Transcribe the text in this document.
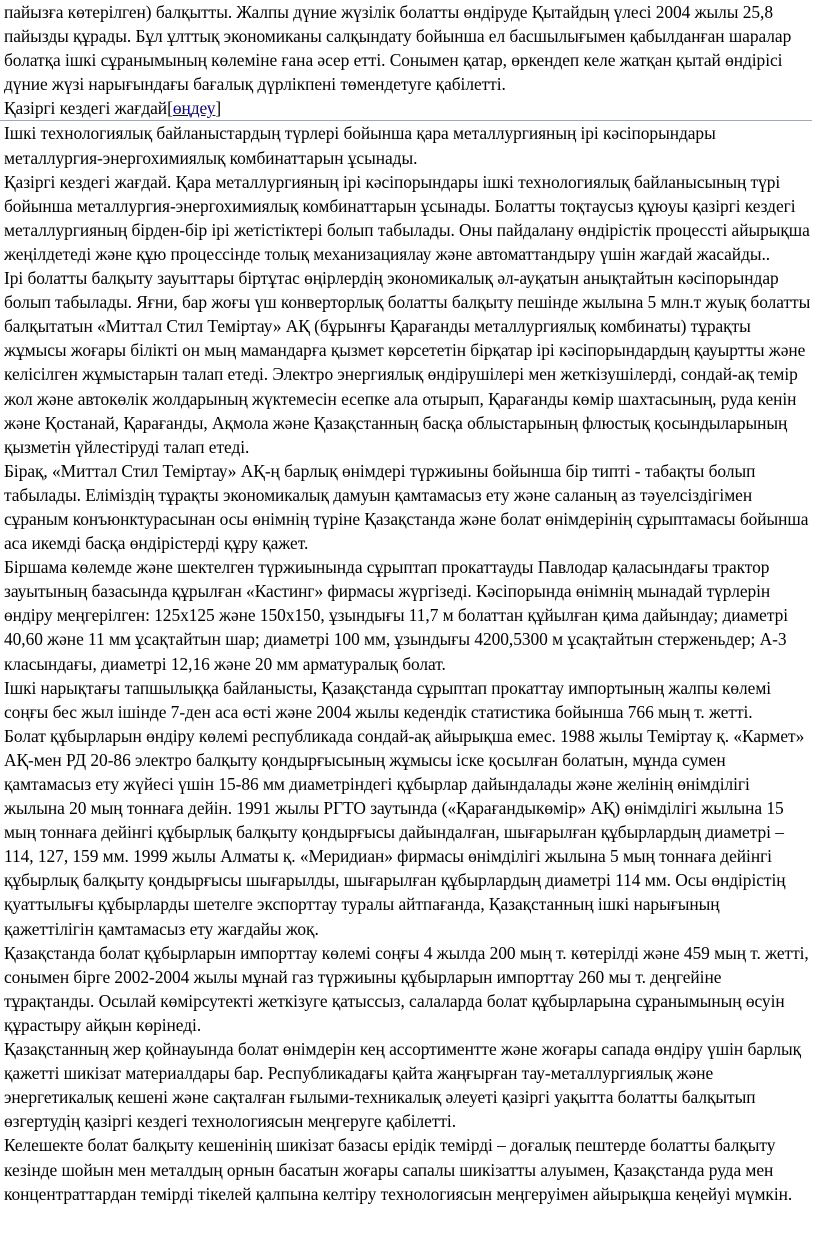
пайызға көтерілген) балқытты. Жалпы дүние жүзілік болатты өндіруде Қытайдың үлесі 2004 жылы 25,8 пайызды құрады. Бұл ұлттық экономиканы салқындату бойынша ел басшылығымен қабылданған шаралар болатқа ішкі сұранымының көлеміне ғана әсер етті. Сонымен қатар, өркендеп келе жатқан қытай өндірісі дүние жүзі нарығындағы бағалық дүрлікпені төмендетуге қабілетті.

Қазіргі кездегі жағдай[өңдеу]

Ішкі технологиялық байланыстардың түрлері бойынша қара металлургияның ірі кәсіпорындары металлургия-энергохимиялық комбинаттарын ұсынады.

Қазіргі кездегі жағдай. Қара металлургияның ірі кәсіпорындары ішкі технологиялық байланысының түрі бойынша металлургия-энергохимиялық комбинаттарын ұсынады. Болатты тоқтаусыз құюуы қазіргі кездегі металлургияның бірден-бір ірі жетістіктері болып табылады. Оны пайдалану өндірістік процессті айырықша жеңілдетеді және құю процессінде толық механизациялау және автоматтандыру үшін жағдай жасайды..

Ірі болатты балқыту зауыттары біртұтас өңірлердің экономикалық әл-ауқатын анықтайтын кәсіпорындар болып табылады. Яғни, бар жоғы үш конверторлық болатты балқыту пешінде жылына 5 млн.т жуық болатты балқытатын «Миттал Стил Теміртау» АҚ (бұрынғы Қарағанды металлургиялық комбинаты) тұрақты жұмысы жоғары білікті он мың мамандарға қызмет көрсететін бірқатар ірі кәсіпорындардың қауыртты және келісілген жұмыстарын талап етеді. Электро энергиялық өндірушілері мен жеткізушілерді, сондай-ақ темір жол және автокөлік жолдарының жүктемесін есепке ала отырып, Қарағанды көмір шахтасының, руда кенін және Қостанай, Қарағанды, Ақмола және Қазақстанның басқа облыстарының флюстық қосындыларының қызметін үйлестіруді талап етеді.

Бірақ, «Миттал Стил Теміртау» АҚ-ң барлық өнімдері түржиыны бойынша бір типті - табақты болып табылады. Еліміздің тұрақты экономикалық дамуын қамтамасыз ету және саланың аз тәуелсіздігімен сұраным конъюнктурасынан осы өнімнің түріне Қазақстанда және болат өнімдерінің сұрыптамасы бойынша аса икемді басқа өндірістерді құру қажет.

Біршама көлемде және шектелген түржиынында сұрыптап прокаттауды Павлодар қаласындағы трактор зауытының базасында құрылған «Кастинг» фирмасы жүргізеді. Кәсіпорында өнімнің мынадай түрлерін өндіру меңгерілген: 125х125 және 150х150, ұзындығы 11,7 м болаттан құйылған қима дайындау; диаметрі 40,60 және 11 мм ұсақтайтын шар; диаметрі 100 мм, ұзындығы 4200,5300 м ұсақтайтын стерженьдер; А-3 класындағы, диаметрі 12,16 және 20 мм арматуралық болат.

Ішкі нарықтағы тапшылыққа байланысты, Қазақстанда сұрыптап прокаттау импортының жалпы көлемі соңғы бес жыл ішінде 7-ден аса өсті және 2004 жылы кедендік статистика бойынша 766 мың т. жетті.

Болат құбырларын өндіру көлемі республикада сондай-ақ айырықша емес. 1988 жылы Теміртау қ. «Кармет» АҚ-мен РД 20-86 электро балқыту қондырғысының жұмысы іске қосылған болатын, мұнда сумен қамтамасыз ету жүйесі үшін 15-86 мм диаметріндегі құбырлар дайындалады және желінің өнімділігі жылына 20 мың тоннаға дейін. 1991 жылы РГТО заутында («Қарағандыкөмір» АҚ) өнімділігі жылына 15 мың тоннаға дейінгі құбырлық балқыту қондырғысы дайындалған, шығарылған құбырлардың диаметрі – 114, 127, 159 мм. 1999 жылы Алматы қ. «Меридиан» фирмасы өнімділігі жылына 5 мың тоннаға дейінгі құбырлық балқыту қондырғысы шығарылды, шығарылған құбырлардың диаметрі 114 мм. Осы өндірістің қуаттылығы құбырларды шетелге экспорттау туралы айтпағанда, Қазақстанның ішкі нарығының қажеттілігін қамтамасыз ету жағдайы жоқ.

Қазақстанда болат құбырларын импорттау көлемі соңғы 4 жылда 200 мың т. көтерілді және 459 мың т. жетті, сонымен бірге 2002-2004 жылы мұнай газ түржиыны құбырларын импорттау 260 мы т. деңгейіне тұрақтанды. Осылай көмірсутекті жеткізуге қатыссыз, салаларда болат құбырларына сұранымының өсуін құрастыру айқын көрінеді.

Қазақстанның жер қойнауында болат өнімдерін кең ассортиментте және жоғары сапада өндіру үшін барлық қажетті шикізат материалдары бар. Республикадағы қайта жаңғырған тау-металлургиялық және энергетикалық кешені және сақталған ғылыми-техникалық әлеуеті қазіргі уақытта болатты балқытып өзгертудің қазіргі кездегі технологиясын меңгеруге қабілетті.

Келешекте болат балқыту кешенінің шикізат базасы ерідік темірді – доғалық пештерде болатты балқыту кезінде шойын мен металдың орнын басатын жоғары сапалы шикізатты алуымен, Қазақстанда руда мен концентраттардан темірді тікелей қалпына келтіру технологиясын меңгеруімен айырықша кеңейуі мүмкін.
